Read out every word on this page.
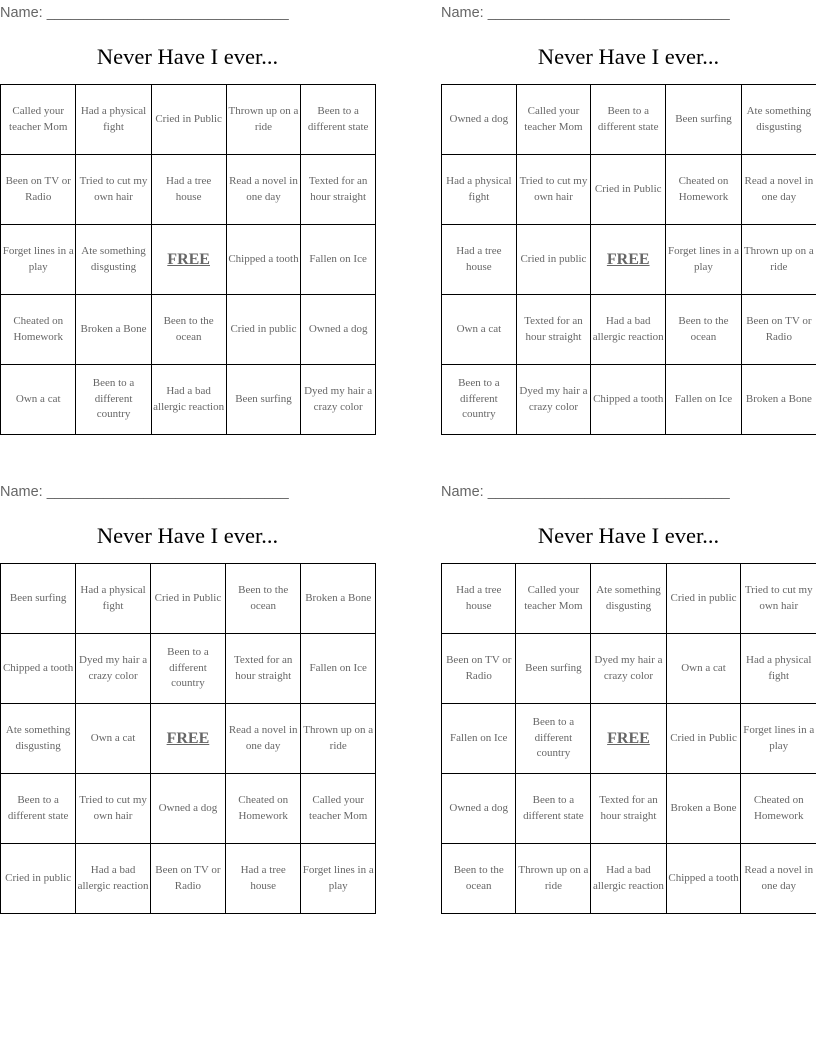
Name: ______________________________
Never Have I ever...
Called your teacher Mom	Had a physical fight	Cried in Public	Thrown up on a ride	Been to a different state
Been on TV or Radio	Tried to cut my own hair	Had a tree house	Read a novel in one day	Texted for an hour straight
Forget lines in a play	Ate something disgusting	FREE	Chipped a tooth	Fallen on Ice
Cheated on Homework	Broken a Bone	Been to the ocean	Cried in public	Owned a dog
Own a cat	Been to a different country	Had a bad allergic reaction	Been surfing	Dyed my hair a crazy color
Name: ______________________________
Never Have I ever...
Owned a dog	Called your teacher Mom	Been to a different state	Been surfing	Ate something disgusting
Had a physical fight	Tried to cut my own hair	Cried in Public	Cheated on Homework	Read a novel in one day
Had a tree house	Cried in public	FREE	Forget lines in a play	Thrown up on a ride
Own a cat	Texted for an hour straight	Had a bad allergic reaction	Been to the ocean	Been on TV or Radio
Been to a different country	Dyed my hair a crazy color	Chipped a tooth	Fallen on Ice	Broken a Bone
Name: ______________________________
Never Have I ever...
Been surfing	Had a physical fight	Cried in Public	Been to the ocean	Broken a Bone
Chipped a tooth	Dyed my hair a crazy color	Been to a different country	Texted for an hour straight	Fallen on Ice
Ate something disgusting	Own a cat	FREE	Read a novel in one day	Thrown up on a ride
Been to a different state	Tried to cut my own hair	Owned a dog	Cheated on Homework	Called your teacher Mom
Cried in public	Had a bad allergic reaction	Been on TV or Radio	Had a tree house	Forget lines in a play
Name: ______________________________
Never Have I ever...
Had a tree house	Called your teacher Mom	Ate something disgusting	Cried in public	Tried to cut my own hair
Been on TV or Radio	Been surfing	Dyed my hair a crazy color	Own a cat	Had a physical fight
Fallen on Ice	Been to a different country	FREE	Cried in Public	Forget lines in a play
Owned a dog	Been to a different state	Texted for an hour straight	Broken a Bone	Cheated on Homework
Been to the ocean	Thrown up on a ride	Had a bad allergic reaction	Chipped a tooth	Read a novel in one day
